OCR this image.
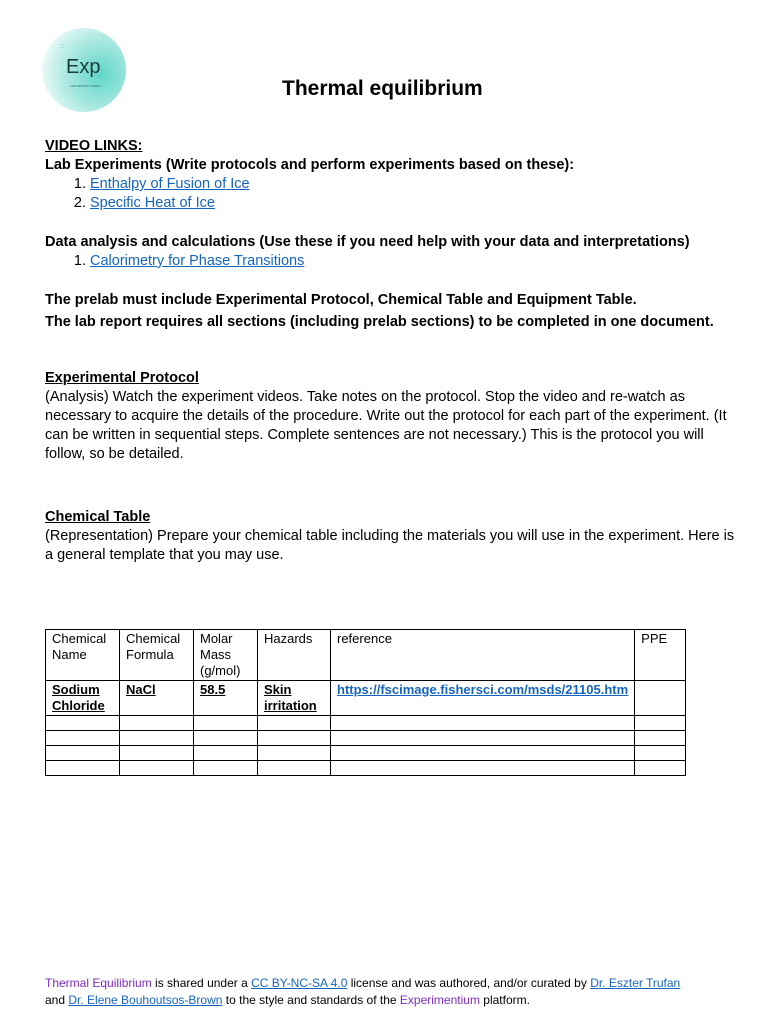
::
Exp
LAB REPORT / MEDIA	Thermal equilibrium

VIDEO LINKS:

Lab Experiments (Write protocols and perform experiments based on these):

1. Enthalpy of Fusion of Ice
2. Specific Heat of Ice

Data analysis and calculations (Use these if you need help with your data and interpretations)

1. Calorimetry for Phase Transitions

The prelab must include Experimental Protocol, Chemical Table and Equipment Table.

The lab report requires all sections (including prelab sections) to be completed in one document.

Experimental Protocol

(Analysis) Watch the experiment videos. Take notes on the protocol. Stop the video and re-watch as necessary to acquire the details of the procedure. Write out the protocol for each part of the experiment. (It can be written in sequential steps. Complete sentences are not necessary.) This is the protocol you will follow, so be detailed.

Chemical Table

(Representation) Prepare your chemical table including the materials you will use in the experiment. Here is a general template that you may use.

Chemical Name	Chemical Formula	Molar Mass (g/mol)	Hazards	reference	PPE
Sodium Chloride	NaCl	58.5	Skin irritation	https://fscimage.fishersci.com/msds/21105.htm	

Thermal Equilibrium is shared under a CC BY-NC-SA 4.0 license and was authored, and/or curated by Dr. Eszter Trufan
and Dr. Elene Bouhoutsos-Brown to the style and standards of the Experimentium platform.
